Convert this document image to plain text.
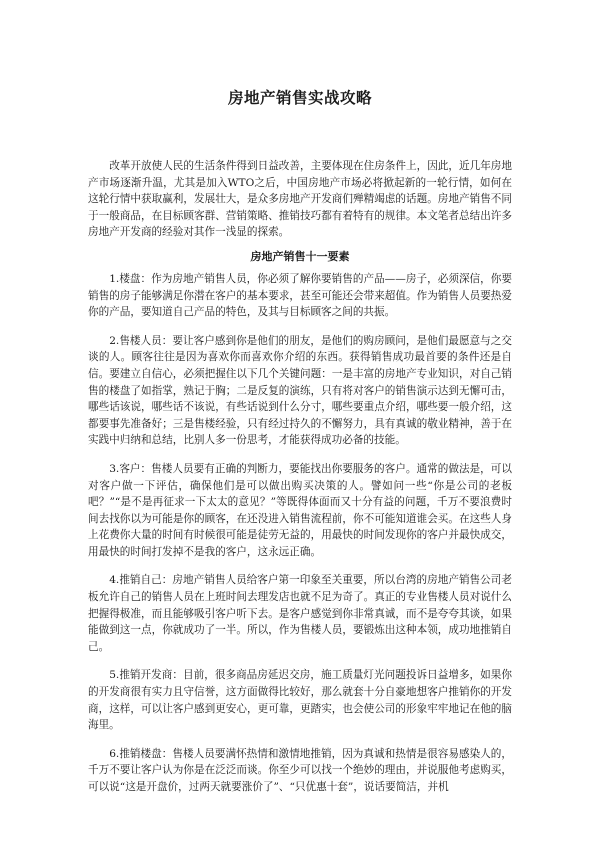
房地产销售实战攻略

改革开放使人民的生活条件得到日益改善，主要体现在住房条件上，因此，近几年房地产市场逐渐升温，尤其是加入WTO之后，中国房地产市场必将掀起新的一轮行情，如何在这轮行情中获取赢利，发展壮大，是众多房地产开发商们殚精竭虑的话题。房地产销售不同于一般商品，在目标顾客群、营销策略、推销技巧都有着特有的规律。本文笔者总结出许多房地产开发商的经验对其作一浅显的探索。

房地产销售十一要素

1.楼盘：作为房地产销售人员，你必须了解你要销售的产品——房子，必须深信，你要销售的房子能够满足你潜在客户的基本要求，甚至可能还会带来超值。作为销售人员要热爱你的产品，要知道自己产品的特色，及其与目标顾客之间的共振。

2.售楼人员：要让客户感到你是他们的朋友，是他们的购房顾问，是他们最愿意与之交谈的人。顾客往往是因为喜欢你而喜欢你介绍的东西。获得销售成功最首要的条件还是自信。要建立自信心，必须把握住以下几个关键问题：一是丰富的房地产专业知识，对自己销售的楼盘了如指掌，熟记于胸；二是反复的演练，只有将对客户的销售演示达到无懈可击，哪些话该说，哪些话不该说，有些话说到什么分寸，哪些要重点介绍，哪些要一般介绍，这都要事先准备好；三是售楼经验，只有经过持久的不懈努力，具有真诚的敬业精神，善于在实践中归纳和总结，比别人多一份思考，才能获得成功必备的技能。

3.客户：售楼人员要有正确的判断力，要能找出你要服务的客户。通常的做法是，可以对客户做一下评估，确保他们是可以做出购买决策的人。譬如问一些“你是公司的老板吧？”“是不是再征求一下太太的意见？”等既得体面而又十分有益的问题，千万不要浪费时间去找你以为可能是你的顾客，在还没进入销售流程前，你不可能知道谁会买。在这些人身上花费你大量的时间有时候很可能是徒劳无益的，用最快的时间发现你的客户并最快成交，用最快的时间打发掉不是我的客户，这永远正确。

4.推销自己：房地产销售人员给客户第一印象至关重要，所以台湾的房地产销售公司老板允许自己的销售人员在上班时间去理发店也就不足为奇了。真正的专业售楼人员对说什么把握得极准，而且能够吸引客户听下去。是客户感觉到你非常真诚，而不是夸夸其谈，如果能做到这一点，你就成功了一半。所以，作为售楼人员，要锻炼出这种本领，成功地推销自己。

5.推销开发商：目前，很多商品房延迟交房，施工质量灯光问题投诉日益增多，如果你的开发商很有实力且守信誉，这方面做得比较好，那么就套十分自豪地想客户推销你的开发商，这样，可以让客户感到更安心，更可靠，更踏实，也会使公司的形象牢牢地记在他的脑海里。

6.推销楼盘：售楼人员要满怀热情和激情地推销，因为真诚和热情是很容易感染人的，千万不要让客户认为你是在泛泛而谈。你至少可以找一个绝妙的理由，并说服他考虑购买，可以说“这是开盘价，过两天就要涨价了”、“只优惠十套”，说话要简洁，并机
